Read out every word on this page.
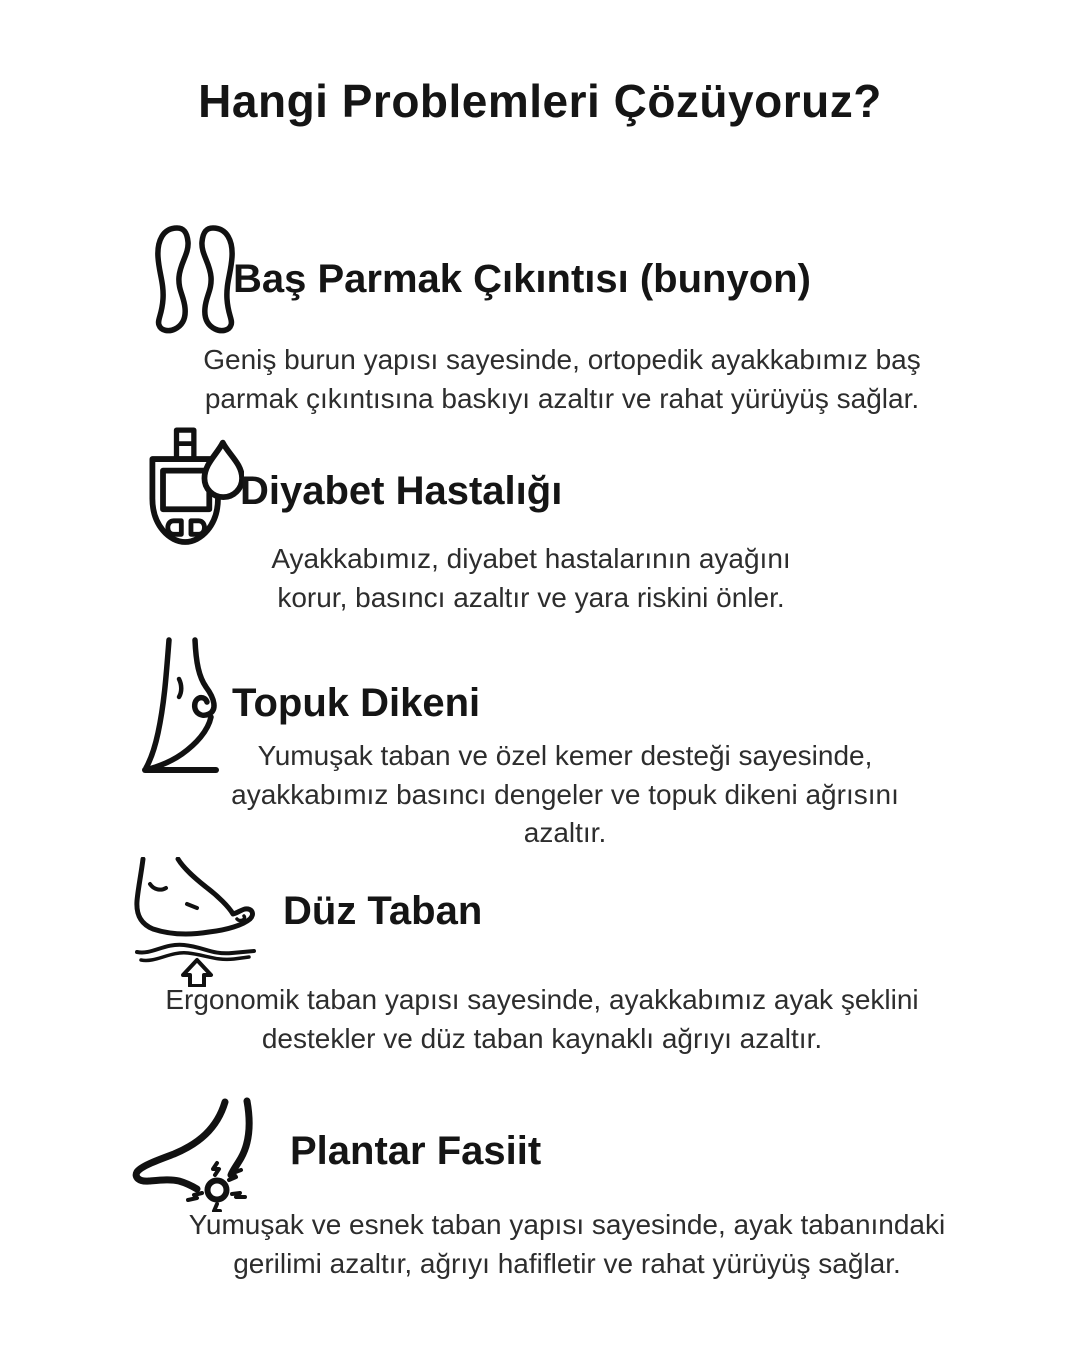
Hangi Problemleri Çözüyoruz?
Baş Parmak Çıkıntısı (bunyon)

Geniş burun yapısı sayesinde, ortopedik ayakkabımız baş
parmak çıkıntısına baskıyı azaltır ve rahat yürüyüş sağlar.

Diyabet Hastalığı

Ayakkabımız, diyabet hastalarının ayağını
korur, basıncı azaltır ve yara riskini önler.

Topuk Dikeni

Yumuşak taban ve özel kemer desteği sayesinde,
ayakkabımız basıncı dengeler ve topuk dikeni ağrısını
azaltır.

Düz Taban

Ergonomik taban yapısı sayesinde, ayakkabımız ayak şeklini
destekler ve düz taban kaynaklı ağrıyı azaltır.

Plantar Fasiit

Yumuşak ve esnek taban yapısı sayesinde, ayak tabanındaki
gerilimi azaltır, ağrıyı hafifletir ve rahat yürüyüş sağlar.
